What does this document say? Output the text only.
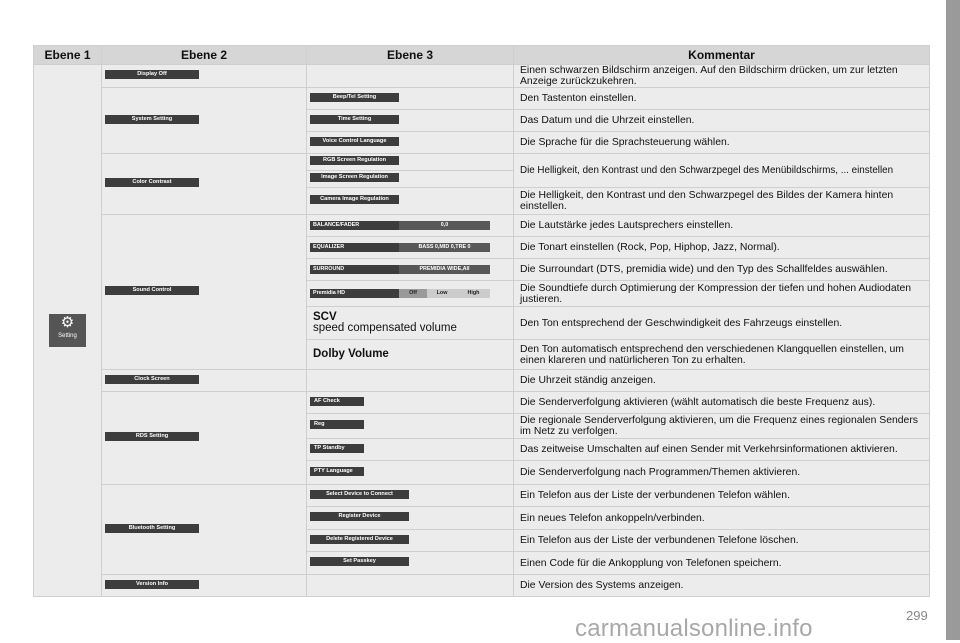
Ebene 1	Ebene 2	Ebene 3	Kommentar

⚙
Setting	Display Off		Einen schwarzen Bildschirm anzeigen. Auf den Bildschirm drücken, um zur letzten Anzeige zurückzukehren.
	System Setting	Beep/Tel Setting	Den Tastenton einstellen.
		Time Setting	Das Datum und die Uhrzeit einstellen.
		Voice Control Language	Die Sprache für die Sprachsteuerung wählen.
	Color Contrast	RGB Screen Regulation	Die Helligkeit, den Kontrast und den Schwarzpegel des Menübildschirms, ... einstellen
		Image Screen Regulation	
		Camera Image Regulation	Die Helligkeit, den Kontrast und den Schwarzpegel des Bildes der Kamera hinten einstellen.
	Sound Control	BALANCE/FADER 0,0	Die Lautstärke jedes Lautsprechers einstellen.

		EQUALIZER BASS 0,MID 0,TRE 0	Die Tonart einstellen (Rock, Pop, Hiphop, Jazz, Normal).

		SURROUND PREMIDIA WIDE,All	Die Surroundart (DTS, premidia wide) und den Typ des Schallfeldes auswählen.

		Premidia HD Off Low High	Die Soundtiefe durch Optimierung der Kompression der tiefen und hohen Audiodaten justieren.

		SCV
speed compensated volume	Den Ton entsprechend der Geschwindigkeit des Fahrzeugs einstellen.
		Dolby Volume	Den Ton automatisch entsprechend den verschiedenen Klangquellen einstellen, um einen klareren und natürlicheren Ton zu erhalten.
	Clock Screen		Die Uhrzeit ständig anzeigen.
	RDS Setting	AF Check	Die Senderverfolgung aktivieren (wählt automatisch die beste Frequenz aus).
		Reg	Die regionale Senderverfolgung aktivieren, um die Frequenz eines regionalen Senders im Netz zu verfolgen.
		TP Standby	Das zeitweise Umschalten auf einen Sender mit Verkehrsinformationen aktivieren.
		PTY Language	Die Senderverfolgung nach Programmen/Themen aktivieren.
	Bluetooth Setting	Select Device to Connect	Ein Telefon aus der Liste der verbundenen Telefon wählen.
		Register Device	Ein neues Telefon ankoppeln/verbinden.
		Delete Registered Device	Ein Telefon aus der Liste der verbundenen Telefone löschen.
		Set Passkey	Einen Code für die Ankopplung von Telefonen speichern.
	Version Info		Die Version des Systems anzeigen.
299
carmanualsonline.info
